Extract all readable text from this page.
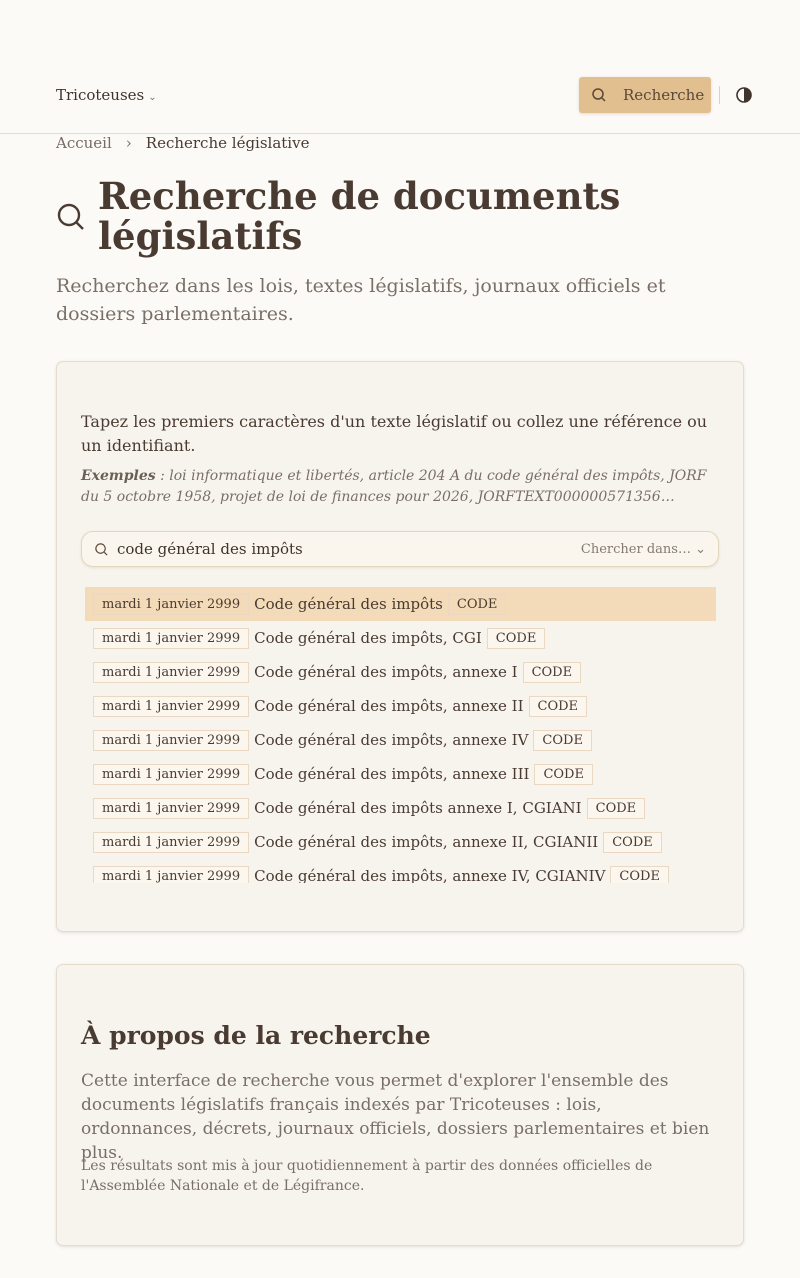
Tricoteuses ⌄	Recherche
Accueil › Recherche législative
Recherche de documents législatifs

Recherchez dans les lois, textes législatifs, journaux officiels et dossiers parlementaires.

Tapez les premiers caractères d'un texte législatif ou collez une référence ou un identifiant.

Exemples : loi informatique et libertés, article 204 A du code général des impôts, JORF du 5 octobre 1958, projet de loi de finances pour 2026, JORFTEXT000000571356…

code général des impôts	Chercher dans… ⌄
mardi 1 janvier 2999 Code général des impôts	CODE
mardi 1 janvier 2999 Code général des impôts, CGI	CODE
mardi 1 janvier 2999 Code général des impôts, annexe I	CODE
mardi 1 janvier 2999 Code général des impôts, annexe II	CODE
mardi 1 janvier 2999 Code général des impôts, annexe IV	CODE
mardi 1 janvier 2999 Code général des impôts, annexe III	CODE
mardi 1 janvier 2999 Code général des impôts annexe I, CGIANI	CODE
mardi 1 janvier 2999 Code général des impôts, annexe II, CGIANII	CODE
mardi 1 janvier 2999 Code général des impôts, annexe IV, CGIANIV	CODE
À propos de la recherche

Cette interface de recherche vous permet d'explorer l'ensemble des documents législatifs français indexés par Tricoteuses : lois, ordonnances, décrets, journaux officiels, dossiers parlementaires et bien plus.

Les résultats sont mis à jour quotidiennement à partir des données officielles de l'Assemblée Nationale et de Légifrance.
